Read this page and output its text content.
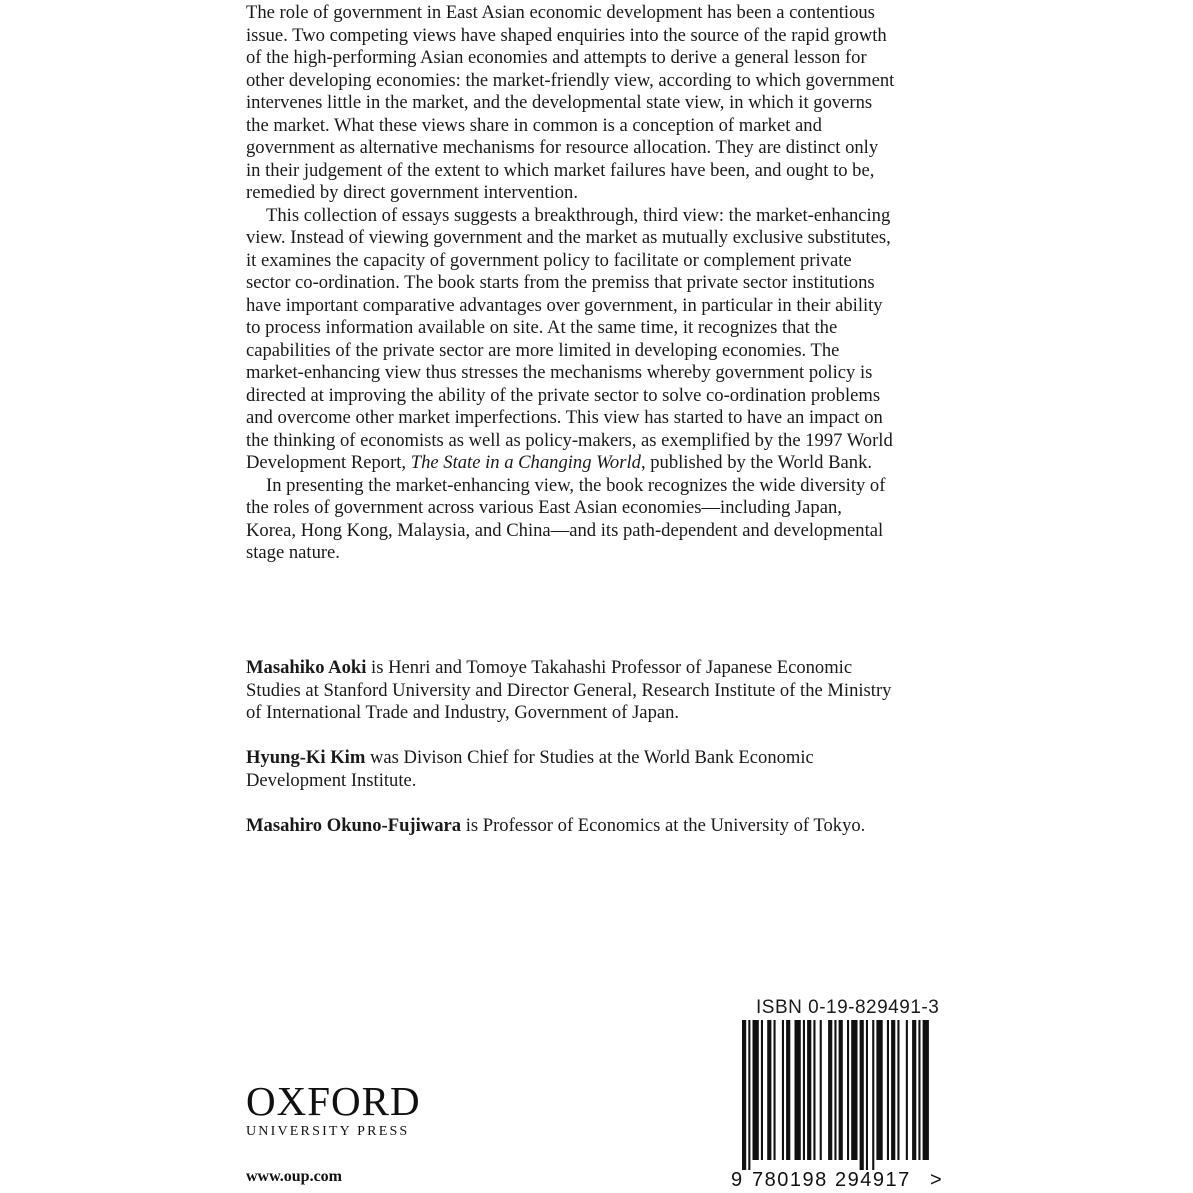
The role of government in East Asian economic development has been a contentious issue. Two competing views have shaped enquiries into the source of the rapid growth of the high-performing Asian economies and attempts to derive a general lesson for other developing economies: the market-friendly view, according to which government intervenes little in the market, and the developmental state view, in which it governs the market. What these views share in common is a conception of market and government as alternative mechanisms for resource allocation. They are distinct only in their judgement of the extent to which market failures have been, and ought to be, remedied by direct government intervention.

This collection of essays suggests a breakthrough, third view: the market-enhancing view. Instead of viewing government and the market as mutually exclusive substitutes, it examines the capacity of government policy to facilitate or complement private sector co-ordination. The book starts from the premiss that private sector institutions have important comparative advantages over government, in particular in their ability to process information available on site. At the same time, it recognizes that the capabilities of the private sector are more limited in developing economies. The market-enhancing view thus stresses the mechanisms whereby government policy is directed at improving the ability of the private sector to solve co-ordination problems and overcome other market imperfections. This view has started to have an impact on the thinking of economists as well as policy-makers, as exemplified by the 1997 World Development Report, The State in a Changing World, published by the World Bank.

In presenting the market-enhancing view, the book recognizes the wide diversity of the roles of government across various East Asian economies—including Japan, Korea, Hong Kong, Malaysia, and China—and its path-dependent and developmental stage nature.

Masahiko Aoki is Henri and Tomoye Takahashi Professor of Japanese Economic Studies at Stanford University and Director General, Research Institute of the Ministry of International Trade and Industry, Government of Japan.

Hyung-Ki Kim was Divison Chief for Studies at the World Bank Economic Development Institute.

Masahiro Okuno-Fujiwara is Professor of Economics at the University of Tokyo.

ISBN 0-19-829491-3
9 780198 294917 >
OXFORD
UNIVERSITY PRESS
www.oup.com
